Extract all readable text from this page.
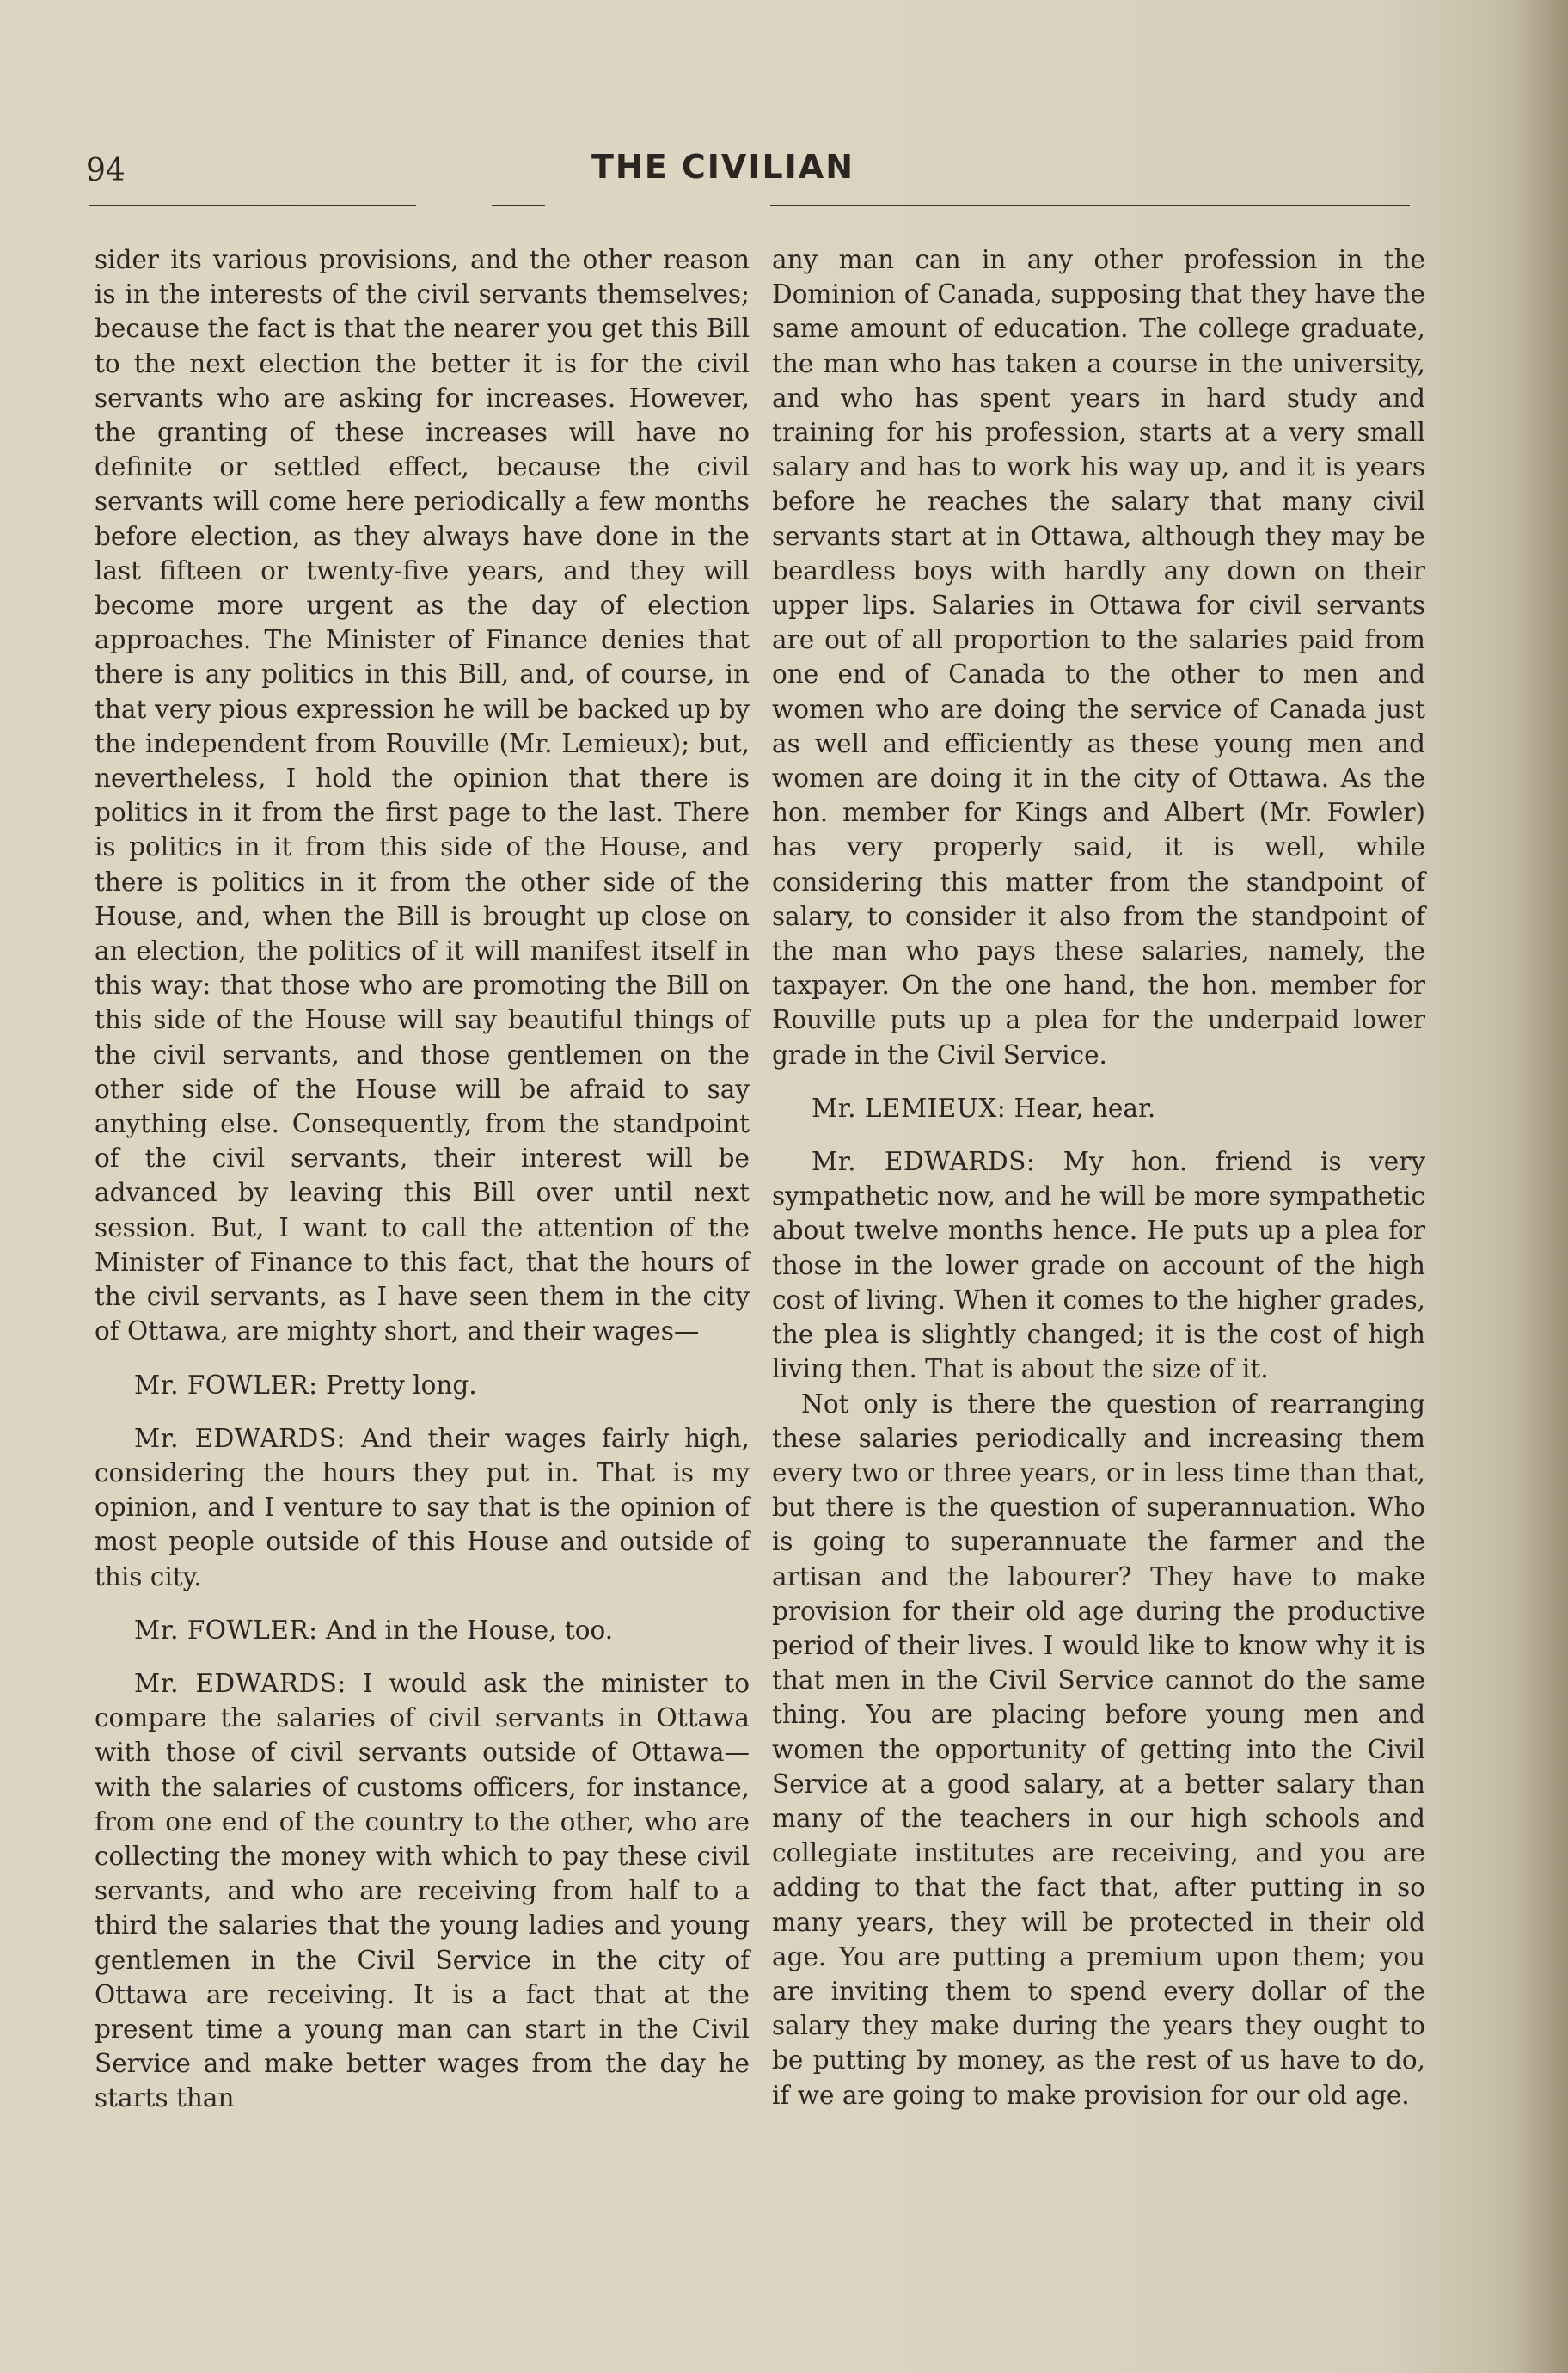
94	THE CIVILIAN

sider its various provisions, and the other reason is in the interests of the civil servants themselves; because the fact is that the nearer you get this Bill to the next election the better it is for the civil servants who are asking for increases. However, the granting of these increases will have no definite or settled effect, because the civil servants will come here periodically a few months before election, as they always have done in the last fifteen or twenty-five years, and they will become more urgent as the day of election approaches. The Minister of Finance denies that there is any politics in this Bill, and, of course, in that very pious expression he will be backed up by the independent from Rouville (Mr. Lemieux); but, nevertheless, I hold the opinion that there is politics in it from the first page to the last. There is politics in it from this side of the House, and there is politics in it from the other side of the House, and, when the Bill is brought up close on an election, the politics of it will manifest itself in this way: that those who are promoting the Bill on this side of the House will say beautiful things of the civil servants, and those gentlemen on the other side of the House will be afraid to say anything else. Consequently, from the standpoint of the civil servants, their interest will be advanced by leaving this Bill over until next session. But, I want to call the attention of the Minister of Finance to this fact, that the hours of the civil servants, as I have seen them in the city of Ottawa, are mighty short, and their wages—

Mr. FOWLER: Pretty long.

Mr. EDWARDS: And their wages fairly high, considering the hours they put in. That is my opinion, and I venture to say that is the opinion of most people outside of this House and outside of this city.

Mr. FOWLER: And in the House, too.

Mr. EDWARDS: I would ask the minister to compare the salaries of civil servants in Ottawa with those of civil servants outside of Ottawa—with the salaries of customs officers, for instance, from one end of the country to the other, who are collecting the money with which to pay these civil servants, and who are receiving from half to a third the salaries that the young ladies and young gentlemen in the Civil Service in the city of Ottawa are receiving. It is a fact that at the present time a young man can start in the Civil Service and make better wages from the day he starts than

any man can in any other profession in the Dominion of Canada, supposing that they have the same amount of education. The college graduate, the man who has taken a course in the university, and who has spent years in hard study and training for his profession, starts at a very small salary and has to work his way up, and it is years before he reaches the salary that many civil servants start at in Ottawa, although they may be beardless boys with hardly any down on their upper lips. Salaries in Ottawa for civil servants are out of all proportion to the salaries paid from one end of Canada to the other to men and women who are doing the service of Canada just as well and efficiently as these young men and women are doing it in the city of Ottawa. As the hon. member for Kings and Albert (Mr. Fowler) has very properly said, it is well, while considering this matter from the standpoint of salary, to consider it also from the standpoint of the man who pays these salaries, namely, the taxpayer. On the one hand, the hon. member for Rouville puts up a plea for the underpaid lower grade in the Civil Service.

Mr. LEMIEUX: Hear, hear.

Mr. EDWARDS: My hon. friend is very sympathetic now, and he will be more sympathetic about twelve months hence. He puts up a plea for those in the lower grade on account of the high cost of living. When it comes to the higher grades, the plea is slightly changed; it is the cost of high living then. That is about the size of it.

Not only is there the question of rearranging these salaries periodically and increasing them every two or three years, or in less time than that, but there is the question of superannuation. Who is going to superannuate the farmer and the artisan and the labourer? They have to make provision for their old age during the productive period of their lives. I would like to know why it is that men in the Civil Service cannot do the same thing. You are placing before young men and women the opportunity of getting into the Civil Service at a good salary, at a better salary than many of the teachers in our high schools and collegiate institutes are receiving, and you are adding to that the fact that, after putting in so many years, they will be protected in their old age. You are putting a premium upon them; you are inviting them to spend every dollar of the salary they make during the years they ought to be putting by money, as the rest of us have to do, if we are going to make provision for our old age.
